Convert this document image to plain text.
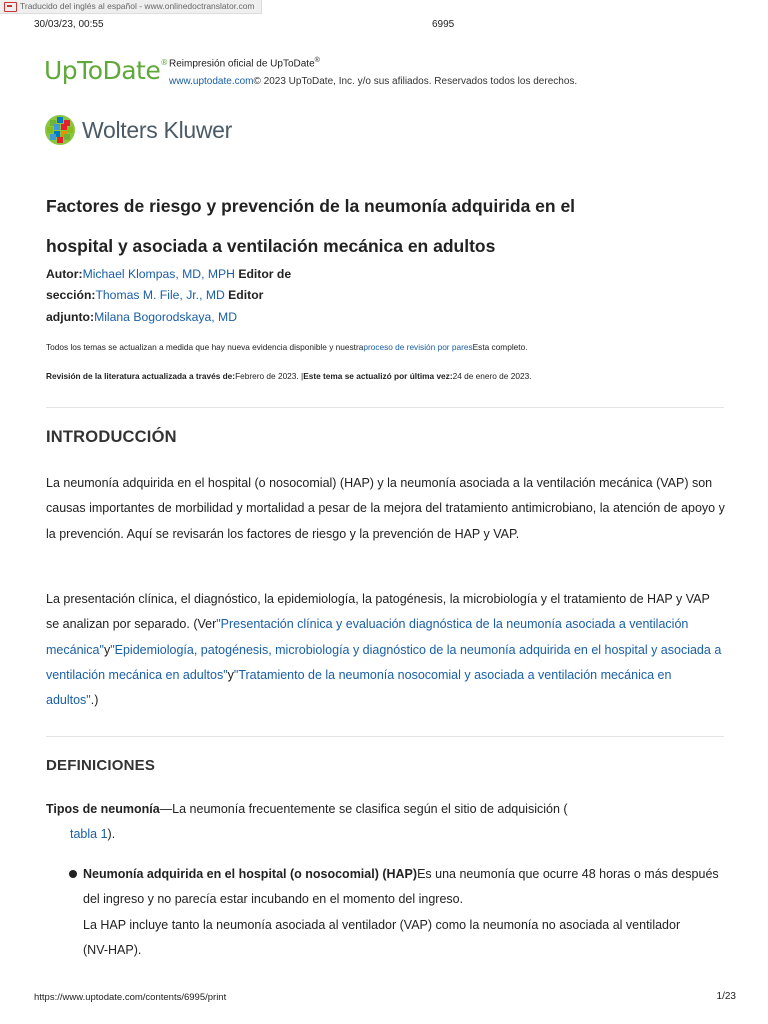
Traducido del inglés al español - www.onlinedoctranslator.com
30/03/23, 00:55	6995
UpToDate® Reimpresión oficial de UpToDate®
www.uptodate.com© 2023 UpToDate, Inc. y/o sus afiliados. Reservados todos los derechos.
Wolters Kluwer
Factores de riesgo y prevención de la neumonía adquirida en el
hospital y asociada a ventilación mecánica en adultos
Autor:Michael Klompas, MD, MPH Editor de
sección:Thomas M. File, Jr., MD Editor
adjunto:Milana Bogorodskaya, MD
Todos los temas se actualizan a medida que hay nueva evidencia disponible y nuestraproceso de revisión por paresEsta completo.
Revisión de la literatura actualizada a través de:Febrero de 2023. |Este tema se actualizó por última vez:24 de enero de 2023.
INTRODUCCIÓN
La neumonía adquirida en el hospital (o nosocomial) (HAP) y la neumonía asociada a la ventilación mecánica (VAP) son causas importantes de morbilidad y mortalidad a pesar de la mejora del tratamiento antimicrobiano, la atención de apoyo y la prevención. Aquí se revisarán los factores de riesgo y la prevención de HAP y VAP.
La presentación clínica, el diagnóstico, la epidemiología, la patogénesis, la microbiología y el tratamiento de HAP y VAP se analizan por separado. (Ver"Presentación clínica y evaluación diagnóstica de la neumonía asociada a ventilación mecánica"y"Epidemiología, patogénesis, microbiología y diagnóstico de la neumonía adquirida en el hospital y asociada a ventilación mecánica en adultos"y"Tratamiento de la neumonía nosocomial y asociada a ventilación mecánica en adultos".)
DEFINICIONES
Tipos de neumonía—La neumonía frecuentemente se clasifica según el sitio de adquisición (
tabla 1).
Neumonía adquirida en el hospital (o nosocomial) (HAP)Es una neumonía que ocurre 48 horas o más después del ingreso y no parecía estar incubando en el momento del ingreso.
La HAP incluye tanto la neumonía asociada al ventilador (VAP) como la neumonía no asociada al ventilador (NV-HAP).
https://www.uptodate.com/contents/6995/print	1/23
